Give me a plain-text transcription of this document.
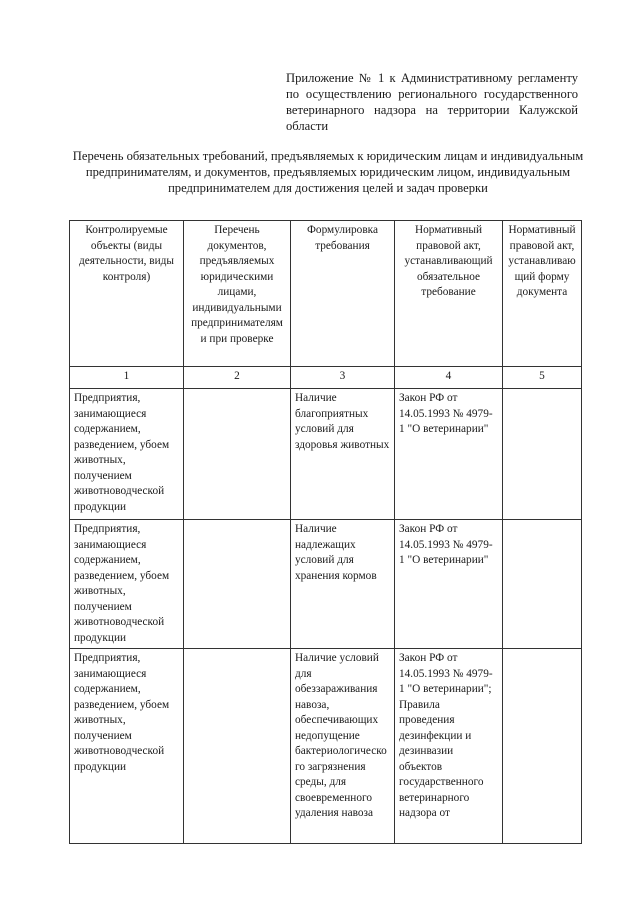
Приложение № 1 к Административному регламенту по осуществлению регионального государственного ветеринарного надзора на территории Калужской области
Перечень обязательных требований, предъявляемых к юридическим лицам и индивидуальным предпринимателям, и документов, предъявляемых юридическим лицом, индивидуальным предпринимателем для достижения целей и задач проверки
Контролируемые объекты (виды деятельности, виды контроля)	Перечень документов, предъявляемых юридическими лицами, индивидуальными предпринимателям и при проверке	Формулировка требования	Нормативный правовой акт, устанавливающий обязательное требование	Нормативный правовой акт, устанавливаю щий форму документа
1	2	3	4	5
Предприятия, занимающиеся содержанием, разведением, убоем животных, получением животноводческой продукции		Наличие благоприятных условий для здоровья животных	Закон РФ от 14.05.1993 № 4979-1 "О ветеринарии"	
Предприятия, занимающиеся содержанием, разведением, убоем животных, получением животноводческой продукции		Наличие надлежащих условий для хранения кормов	Закон РФ от 14.05.1993 № 4979-1 "О ветеринарии"	
Предприятия, занимающиеся содержанием, разведением, убоем животных, получением животноводческой продукции		Наличие условий для обеззараживания навоза, обеспечивающих недопущение бактериологическо го загрязнения среды, для своевременного удаления навоза	Закон РФ от 14.05.1993 № 4979-1 "О ветеринарии"; Правила проведения дезинфекции и дезинвазии объектов государственного ветеринарного надзора от	
